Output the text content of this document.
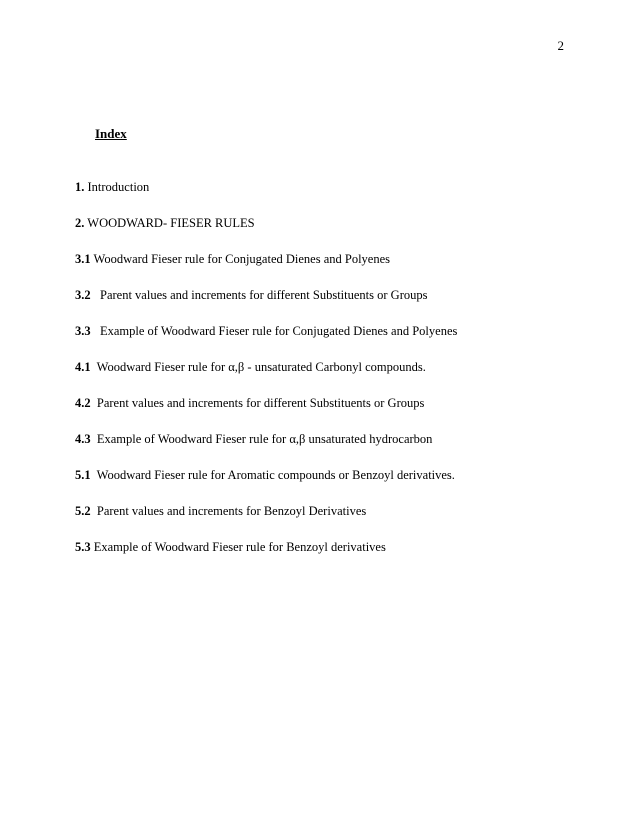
2
Index
1. Introduction
2. WOODWARD- FIESER RULES
3.1 Woodward Fieser rule for Conjugated Dienes and Polyenes
3.2   Parent values and increments for different Substituents or Groups
3.3   Example of Woodward Fieser rule for Conjugated Dienes and Polyenes
4.1  Woodward Fieser rule for α,β - unsaturated Carbonyl compounds.
4.2  Parent values and increments for different Substituents or Groups
4.3  Example of Woodward Fieser rule for α,β unsaturated hydrocarbon
5.1  Woodward Fieser rule for Aromatic compounds or Benzoyl derivatives.
5.2  Parent values and increments for Benzoyl Derivatives
5.3 Example of Woodward Fieser rule for Benzoyl derivatives
